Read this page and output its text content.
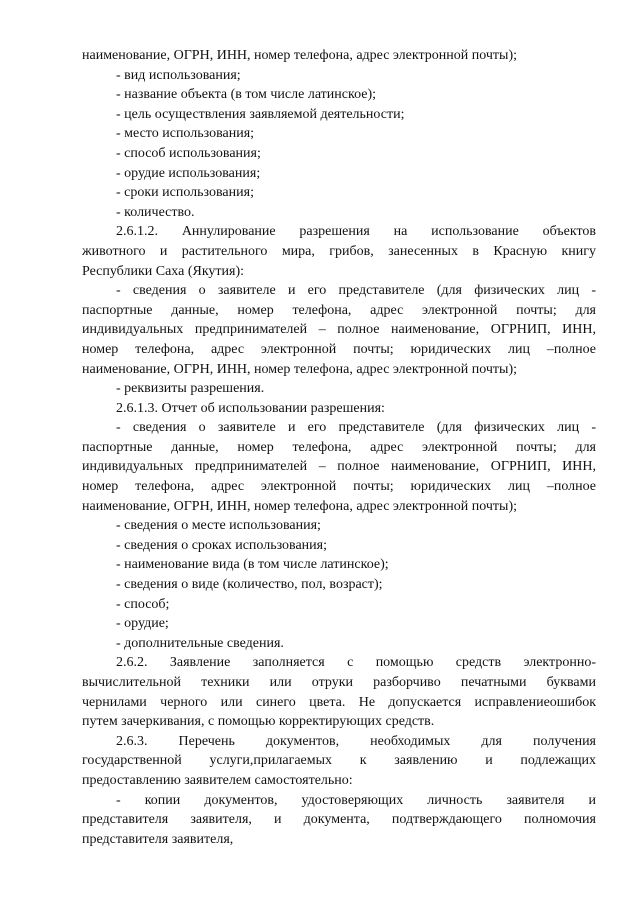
наименование, ОГРН, ИНН, номер телефона, адрес электронной почты);
- вид использования;
- название объекта (в том числе латинское);
- цель осуществления заявляемой деятельности;
- место использования;
- способ использования;
- орудие использования;
- сроки использования;
- количество.
2.6.1.2. Аннулирование разрешения на использование объектов
животного и растительного мира, грибов, занесенных в Красную книгу
Республики Саха (Якутия):
- сведения о заявителе и его представителе (для физических лиц -
паспортные данные, номер телефона, адрес электронной почты; для
индивидуальных предпринимателей – полное наименование, ОГРНИП, ИНН,
номер телефона, адрес электронной почты; юридических лиц –полное
наименование, ОГРН, ИНН, номер телефона, адрес электронной почты);
- реквизиты разрешения.
2.6.1.3. Отчет об использовании разрешения:
- сведения о заявителе и его представителе (для физических лиц -
паспортные данные, номер телефона, адрес электронной почты; для
индивидуальных предпринимателей – полное наименование, ОГРНИП, ИНН,
номер телефона, адрес электронной почты; юридических лиц –полное
наименование, ОГРН, ИНН, номер телефона, адрес электронной почты);
- сведения о месте использования;
- сведения о сроках использования;
- наименование вида (в том числе латинское);
- сведения о виде (количество, пол, возраст);
- способ;
- орудие;
- дополнительные сведения.
2.6.2. Заявление заполняется с помощью средств электронно-
вычислительной техники или отруки разборчиво печатными буквами
чернилами черного или синего цвета. Не допускается исправлениеошибок
путем зачеркивания, с помощью корректирующих средств.
2.6.3. Перечень документов, необходимых для получения
государственной услуги,прилагаемых к заявлению и подлежащих
предоставлению заявителем самостоятельно:
- копии документов, удостоверяющих личность заявителя и
представителя заявителя, и документа, подтверждающего полномочия
представителя заявителя,
